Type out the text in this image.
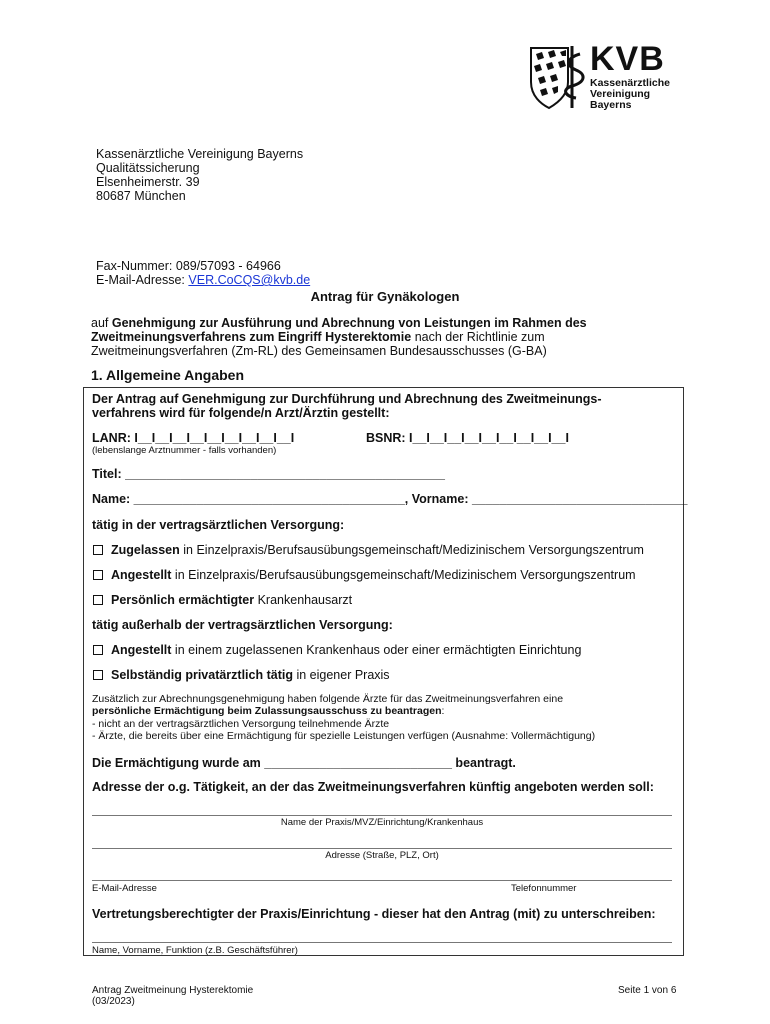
KVB
Kassenärztliche
Vereinigung
Bayerns
Kassenärztliche Vereinigung Bayerns
Qualitätssicherung
Elsenheimerstr. 39
80687 München
Fax-Nummer: 089/57093 - 64966
E-Mail-Adresse: VER.CoCQS@kvb.de
Antrag für Gynäkologen
auf Genehmigung zur Ausführung und Abrechnung von Leistungen im Rahmen des
Zweitmeinungsverfahrens zum Eingriff Hysterektomie nach der Richtlinie zum
Zweitmeinungsverfahren (Zm-RL) des Gemeinsamen Bundesausschusses (G-BA)
1. Allgemeine Angaben
Der Antrag auf Genehmigung zur Durchführung und Abrechnung des Zweitmeinungs-
verfahrens wird für folgende/n Arzt/Ärztin gestellt:
LANR: I__I__I__I__I__I__I__I__I__I
(lebenslange Arztnummer - falls vorhanden)
BSNR: I__I__I__I__I__I__I__I__I__I
Titel: ______________________________________________
Name: _______________________________________, Vorname: _______________________________
tätig in der vertragsärztlichen Versorgung:
Zugelassen in Einzelpraxis/Berufsausübungsgemeinschaft/Medizinischem Versorgungszentrum
Angestellt in Einzelpraxis/Berufsausübungsgemeinschaft/Medizinischem Versorgungszentrum
Persönlich ermächtigter Krankenhausarzt
tätig außerhalb der vertragsärztlichen Versorgung:
Angestellt in einem zugelassenen Krankenhaus oder einer ermächtigten Einrichtung
Selbständig privatärztlich tätig in eigener Praxis
Zusätzlich zur Abrechnungsgenehmigung haben folgende Ärzte für das Zweitmeinungsverfahren eine
persönliche Ermächtigung beim Zulassungsausschuss zu beantragen:
- nicht an der vertragsärztlichen Versorgung teilnehmende Ärzte
- Ärzte, die bereits über eine Ermächtigung für spezielle Leistungen verfügen (Ausnahme: Vollermächtigung)
Die Ermächtigung wurde am ___________________________ beantragt.
Adresse der o.g. Tätigkeit, an der das Zweitmeinungsverfahren künftig angeboten werden soll:
Name der Praxis/MVZ/Einrichtung/Krankenhaus
Adresse (Straße, PLZ, Ort)
E-Mail-Adresse	Telefonnummer
Vertretungsberechtigter der Praxis/Einrichtung - dieser hat den Antrag (mit) zu unterschreiben:
Name, Vorname, Funktion (z.B. Geschäftsführer)
Antrag Zweitmeinung Hysterektomie
(03/2023)
Seite 1 von 6
